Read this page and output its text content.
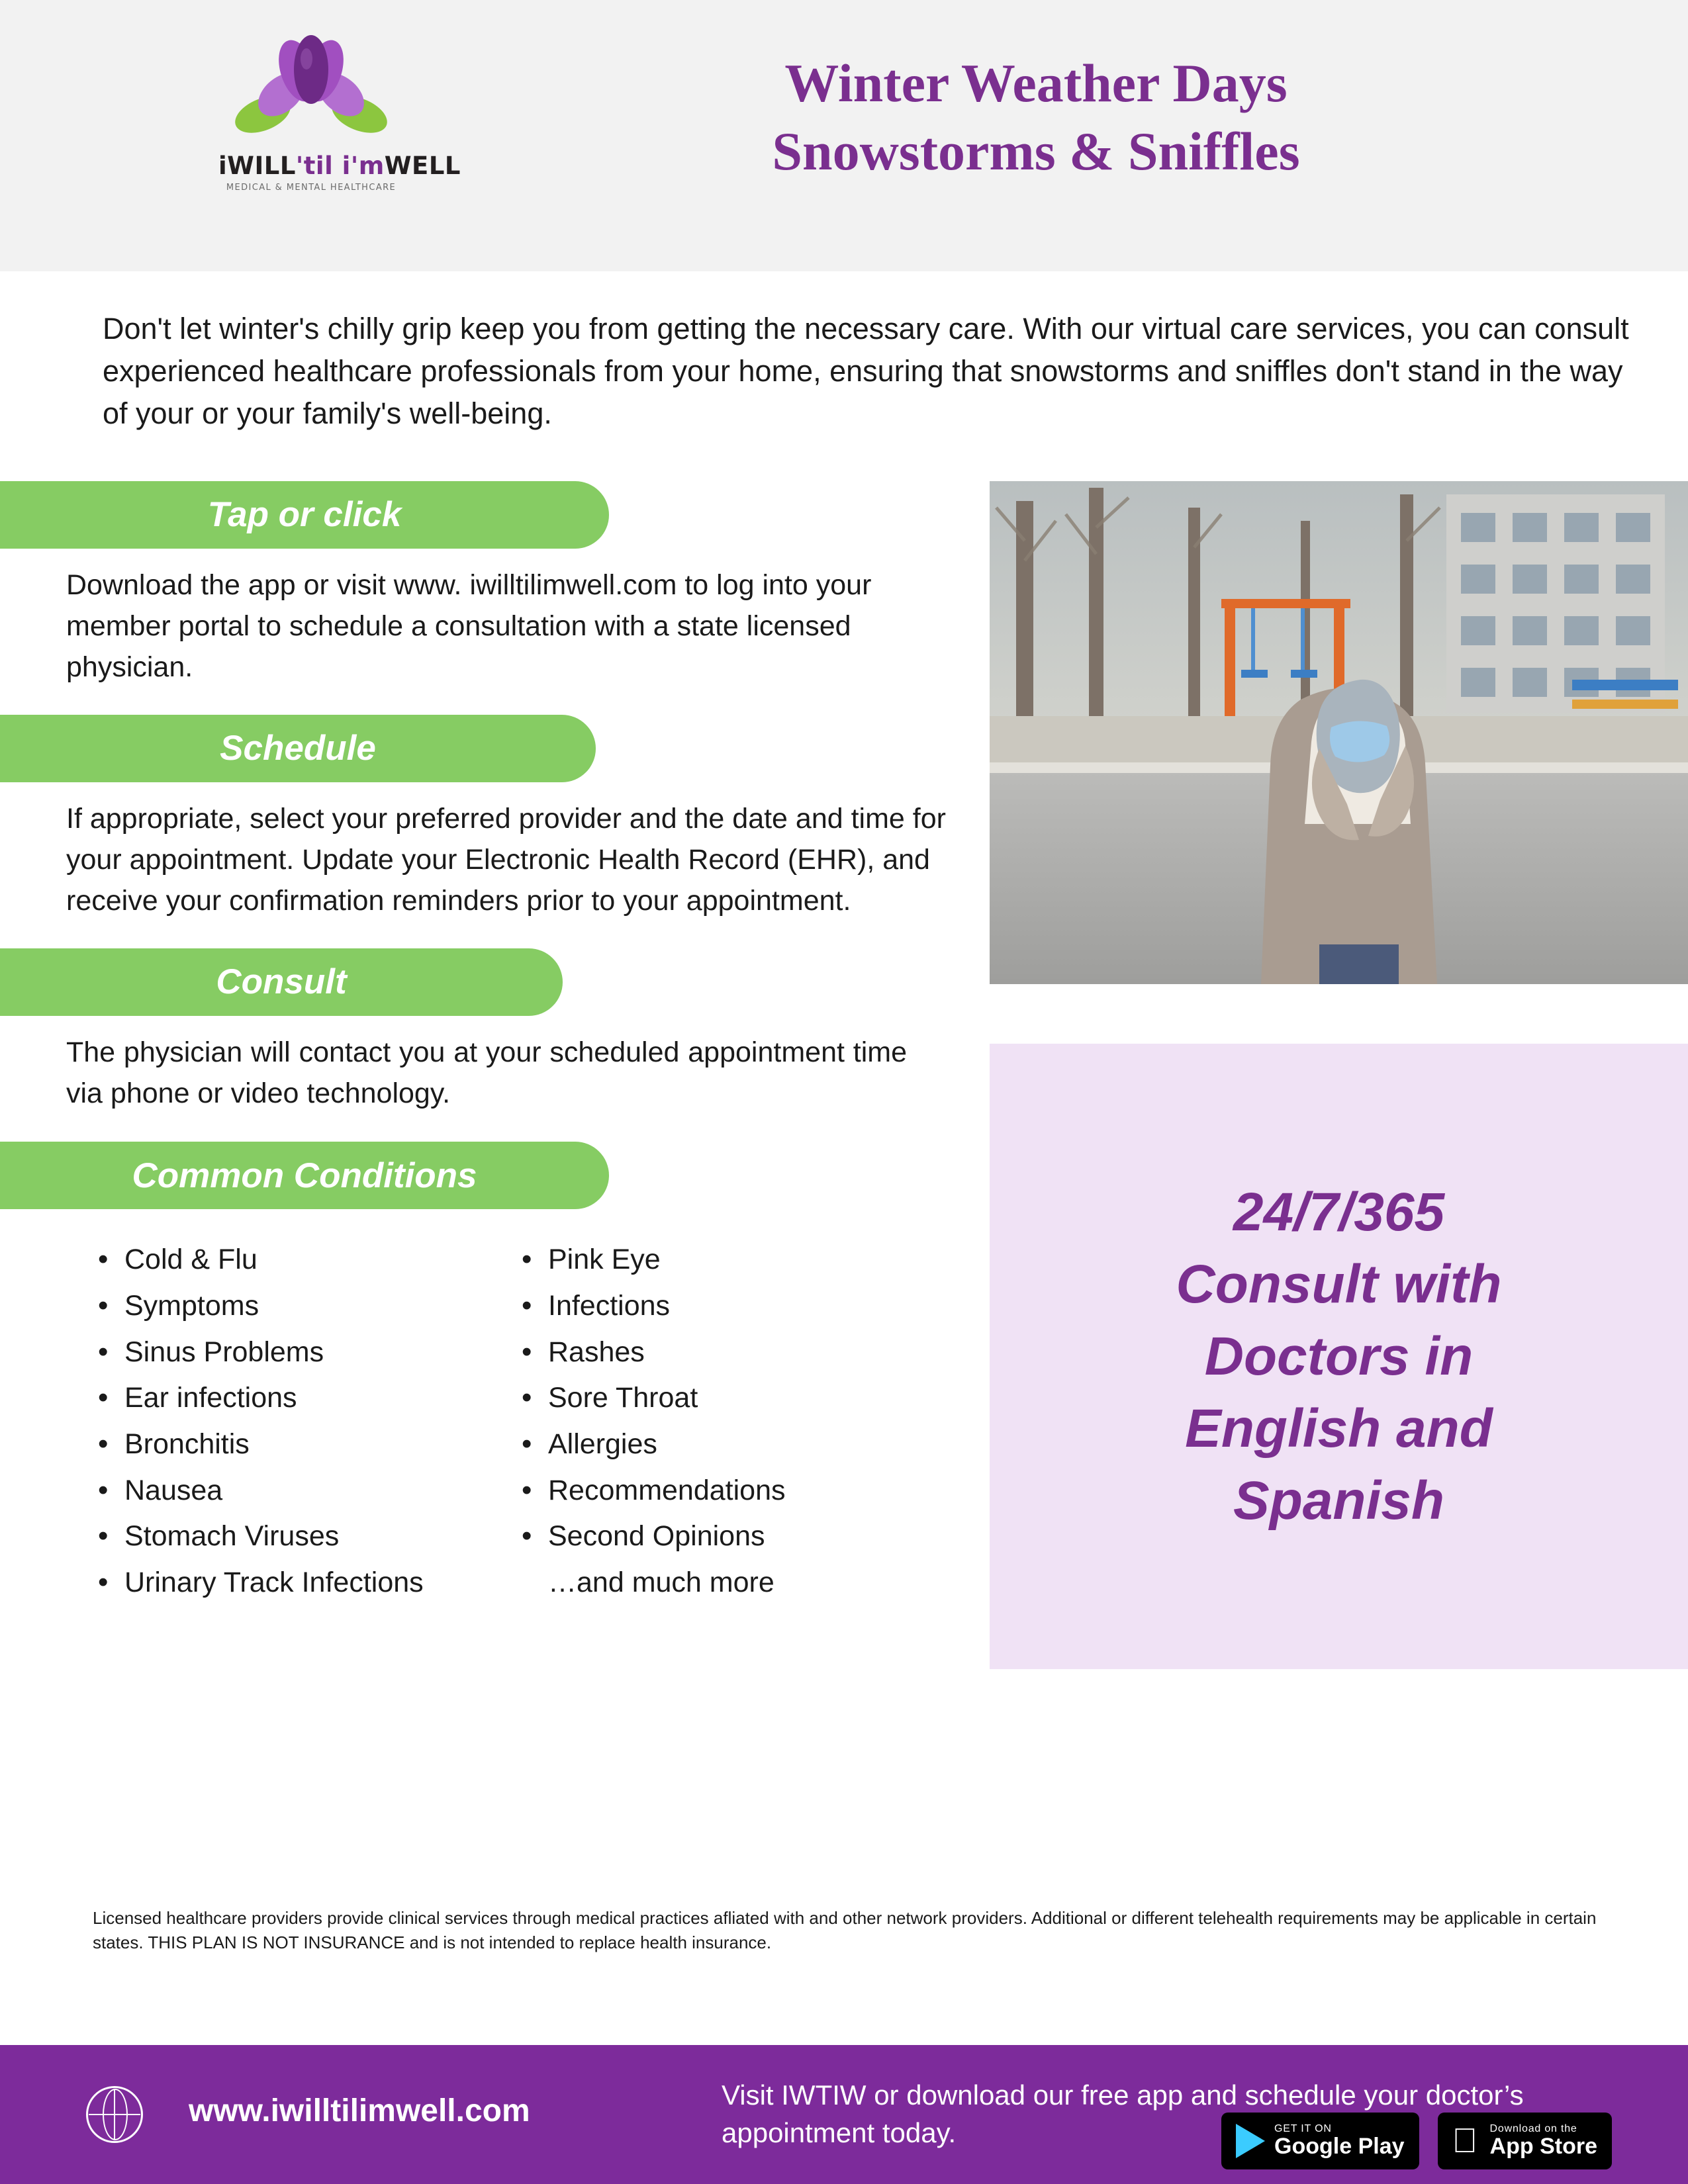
iWILL'til i'mWELL
MEDICAL & MENTAL HEALTHCARE
Winter Weather Days
Snowstorms & Sniffles

Don't let winter's chilly grip keep you from getting the necessary care. With our virtual care services, you can consult experienced healthcare professionals from your home, ensuring that snowstorms and sniffles don't stand in the way of your or your family's well-being.

Tap or click

Download the app or visit www. iwilltilimwell.com to log into your member portal to schedule a consultation with a state licensed physician.

Schedule

If appropriate, select your preferred provider and the date and time for your appointment. Update your Electronic Health Record (EHR), and receive your confirmation reminders prior to your appointment.

Consult

The physician will contact you at your scheduled appointment time via phone or video technology.

Common Conditions
• Cold & Flu
• Symptoms
• Sinus Problems
• Ear infections
• Bronchitis
• Nausea
• Stomach Viruses
• Urinary Track Infections
• Pink Eye
• Infections
• Rashes
• Sore Throat
• Allergies
• Recommendations
• Second Opinions
…and much more
24/7/365
Consult with
Doctors in
English and
Spanish

Licensed healthcare providers provide clinical services through medical practices afliated with and other network providers. Additional or different telehealth requirements may be applicable in certain states. THIS PLAN IS NOT INSURANCE and is not intended to replace health insurance.

www.iwilltilimwell.com	Visit IWTIW or download our free app and schedule your doctor’s appointment today.	GET IT ON
Google Play
Download on the
App Store
